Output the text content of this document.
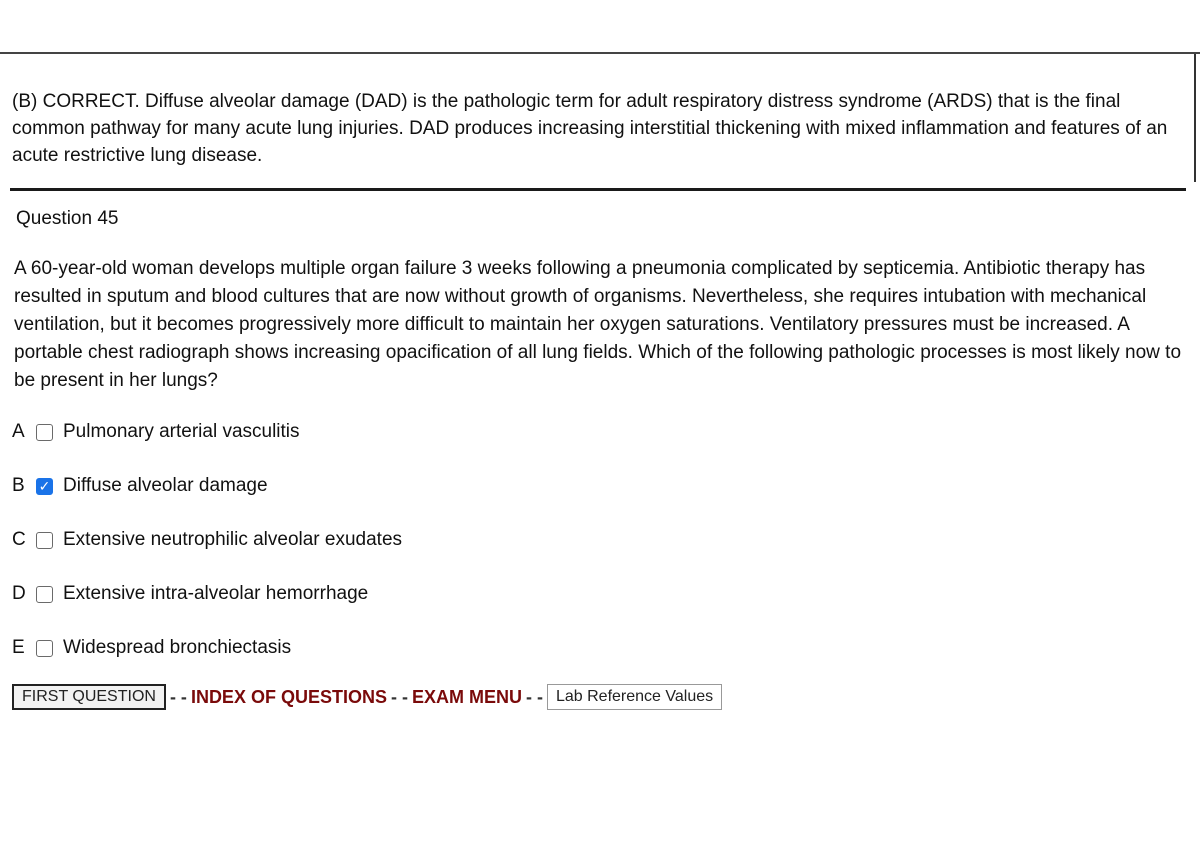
(B) CORRECT. Diffuse alveolar damage (DAD) is the pathologic term for adult respiratory distress syndrome (ARDS) that is the final common pathway for many acute lung injuries. DAD produces increasing interstitial thickening with mixed inflammation and features of an acute restrictive lung disease.

Question 45

A 60-year-old woman develops multiple organ failure 3 weeks following a pneumonia complicated by septicemia. Antibiotic therapy has resulted in sputum and blood cultures that are now without growth of organisms. Nevertheless, she requires intubation with mechanical ventilation, but it becomes progressively more difficult to maintain her oxygen saturations. Ventilatory pressures must be increased. A portable chest radiograph shows increasing opacification of all lung fields. Which of the following pathologic processes is most likely now to be present in her lungs?

A	Pulmonary arterial vasculitis
B ✓ Diffuse alveolar damage
C	Extensive neutrophilic alveolar exudates
D	Extensive intra-alveolar hemorrhage
E	Widespread bronchiectasis
FIRST QUESTION - - INDEX OF QUESTIONS - - EXAM MENU - - Lab Reference Values
